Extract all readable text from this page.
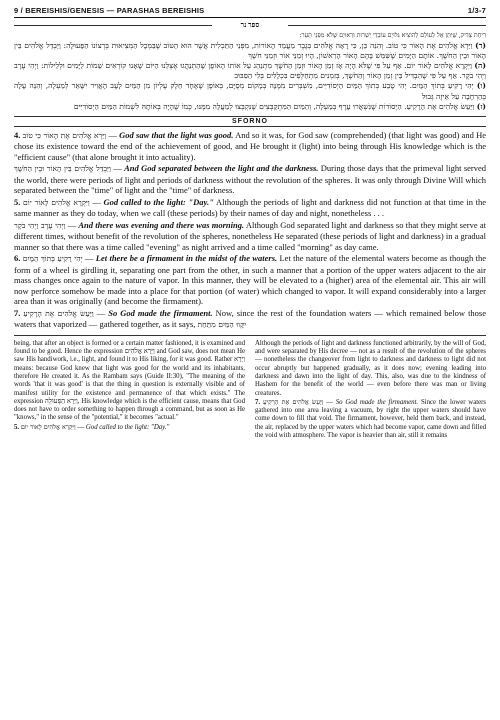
9 / BEREISHIS/GENESIS — PARASHAS BEREISHIS	1/3-7
ספר נר

רִיחַת צַדִּיק, שֶׁיִּתֵּן אֵל לְעוֹלָם לְהוֹצִיא גִּלּוּיָם עוֹבְדֵי יַשְׁרוּת וּרְאוּיָם שֶׁלֹּא מִפְּנֵי תַּעַר:

(ד) וַיַּרְא אֱלֹהִים אֶת הָאוֹר כִּי טוֹב. וְהִנֵּה כֵּן, כִּי רָאָה אֱלֹהִים בְּגֶבֶר מַעֲמַד הָאוֹרוֹת, מִפְּנֵי הַתַּכְלִית אֲשֶׁר הוּא הַטּוֹב שֶׁבַּמְּכָל הַמְּצִיאוּת בְּרְצוֹנוֹ הַפָּעוּלָה: וַיַּבְדֵּל אֱלֹהִים בֵּין הָאוֹר וּבֵין הַחֹשֶׁךְ. אוֹתָם הַיָּמִים שֶׁשִּׁמֵּשׁ בָּהֶם הָאוֹר הָרִאשׁוֹן, הָיוּ זְמַנֵּי אוֹר וּזְמַנֵּי חֹשֶׁךְ

(ה) וַיִּקְרָא אֱלֹהִים לָאוֹר יוֹם. אַף עַל פִּי שֶׁלֹּא הָיָה אָז זְמַן הָאוֹר וּזְמַן הַחֹשֶׁךְ מִתְנַהֵג עַל אוֹתוֹ הָאוֹפֶן שֶׁהַתְנַהֲגוּ אֶצְלֵנוּ הַיּוֹם שֶׁאָנוּ קוֹרְאִים שֵׁמוֹת לַיָּמִים וּלְלֵילוֹת: וַיְהִי עֶרֶב וַיְהִי בֹקֶר. אַף עַל פִּי שֶׁהִבְדִּיל בֵּין זְמַן הָאוֹר וְהַחֹשֶׁךְ, בְּזִמְנִים מִתְחַלְּפִים בִּכְלָלִים בְּלִי הַסִּבּוּב

(ו) יְהִי רָקִיעַ בְּתוֹךְ הַמָּיִם. יְהִי טֶבַע בְּתוֹךְ הַמַּיִם הַיְסוֹדִיִּים, מִשְׁבְּרִים מִמֶּנָּה בְּמָקוֹם מְסֻיָּם, בְּאוֹפֶן שֶׁאֶחָד חֵלֶק עֶלְיוֹן מִן הַמַּיִם לָעָב הָאֲוִיר יִשָּׁאֵר לְמַעְלָה, וְהִנֵּה עָלָה בְּהַרְחָבָה עַל אֵיזֶה גְּבוּל

(ז) וַיַּעַשׂ אֱלֹהִים אֶת הָרָקִיעַ. הַיְסוֹדוֹת שֶׁנִּשְׁאֲרוּ עָרֶף בְּמַעְלָה, וְהַמַּיִם הַמִּתְקַבְּצִים שֶׁנִּקְבְּצוּ לְמַעֲלָה מִמֶּנּוּ, כְּמוֹ שֶׁהָיָה בְּאוֹתָהּ לִשְׁמוֹת הַמַּיִם הַיְסוֹדִיִּים

SFORNO

4. וַיַּרְא אֱלֹהִים אֶת הָאוֹר כִּי טוֹב — God saw that the light was good. And so it was, for God saw (comprehended) (that light was good) and He chose its existence toward the end of the achievement of good, and He brought it (light) into being through His knowledge which is the "efficient cause" (that alone brought it into actuality).

וַיַּבְדֵּל אֱלֹהִים בֵּין הָאוֹר וּבֵין הַחֹשֶׁךְ — And God separated between the light and the darkness. During those days that the primeval light served the world, there were periods of light and periods of darkness without the revolution of the spheres. It was only through Divine Will which separated between the "time" of light and the "time" of darkness.

5. וַיִּקְרָא אֱלֹהִים לָאוֹר יוֹם — God called to the light: "Day." Although the periods of light and darkness did not function at that time in the same manner as they do today, when we call (these periods) by their names of day and night, nonetheless . . .

וַיְהִי עֶרֶב וַיְהִי בֹקֶר — And there was evening and there was morning. Although God separated light and darkness so that they might serve at different times, without benefit of the revolution of the spheres, nonetheless He separated (these periods of light and darkness) in a gradual manner so that there was a time called "evening" as night arrived and a time called "morning" as day came.

6. יְהִי רָקִיעַ בְּתוֹךְ הַמָּיִם — Let there be a firmament in the midst of the waters. Let the nature of the elemental waters become as though the form of a wheel is girdling it, separating one part from the other, in such a manner that a portion of the upper waters adjacent to the air mass changes once again to the nature of vapor. In this manner, they will be elevated to a (higher) area of the elemental air. This air will now perforce somehow be made into a place for that portion (of water) which changed to vapor. It will expand considerably into a larger area than it was originally (and become the firmament).

7. וַיַּעַשׂ אֱלֹהִים אֶת הָרָקִיעַ — So God made the firmament. Now, since the rest of the foundation waters — which remained below those waters that vaporized — gathered together, as it says, יִקָּווּ הַמַּיִם מִתַּחַת

being, that after an object is formed or a certain matter fashioned, it is examined and found to be good. Hence the expression וַיַּרְא אֱלֹהִים and God saw, does not mean He saw His handiwork, i.e., light, and found it to His liking, for it was good. Rather וַיַּרְא means: because God knew that light was good for the world and its inhabitants, therefore He created it. As the Rambam says (Guide II:30), "The meaning of the words 'that it was good' is that the thing in question is externally visible and of manifest utility for the existence and permanence of that which exists." The expression וַיַּרְא הַפָּעוּלָה, His knowledge which is the efficient cause, means that God does not have to order something to happen through a command, but as soon as He "knows," in the sense of the "potential," it becomes "actual."

5. וַיִּקְרָא אֱלֹהִים לָאוֹר יוֹם — God called to the light: "Day."

Although the periods of light and darkness functioned arbitrarily, by the will of God, and were separated by His decree — not as a result of the revolution of the spheres — nonetheless the changeover from light to darkness and darkness to light did not occur abruptly but happened gradually, as it does now; evening leading into darkness and dawn into the light of day. This, also, was due to the kindness of Hashem for the benefit of the world — even before there was man or living creatures.

7. וַיַּעַשׂ אֱלֹהִים אֶת הָרָקִיעַ — So God made the firmament. Since the lower waters gathered into one area leaving a vacuum, by right the upper waters should have come down to fill that void. The firmament, however, held them back, and instead, the air, replaced by the upper waters which had become vapor, came down and filled the void with atmosphere. The vapor is heavier than air, still it remains
